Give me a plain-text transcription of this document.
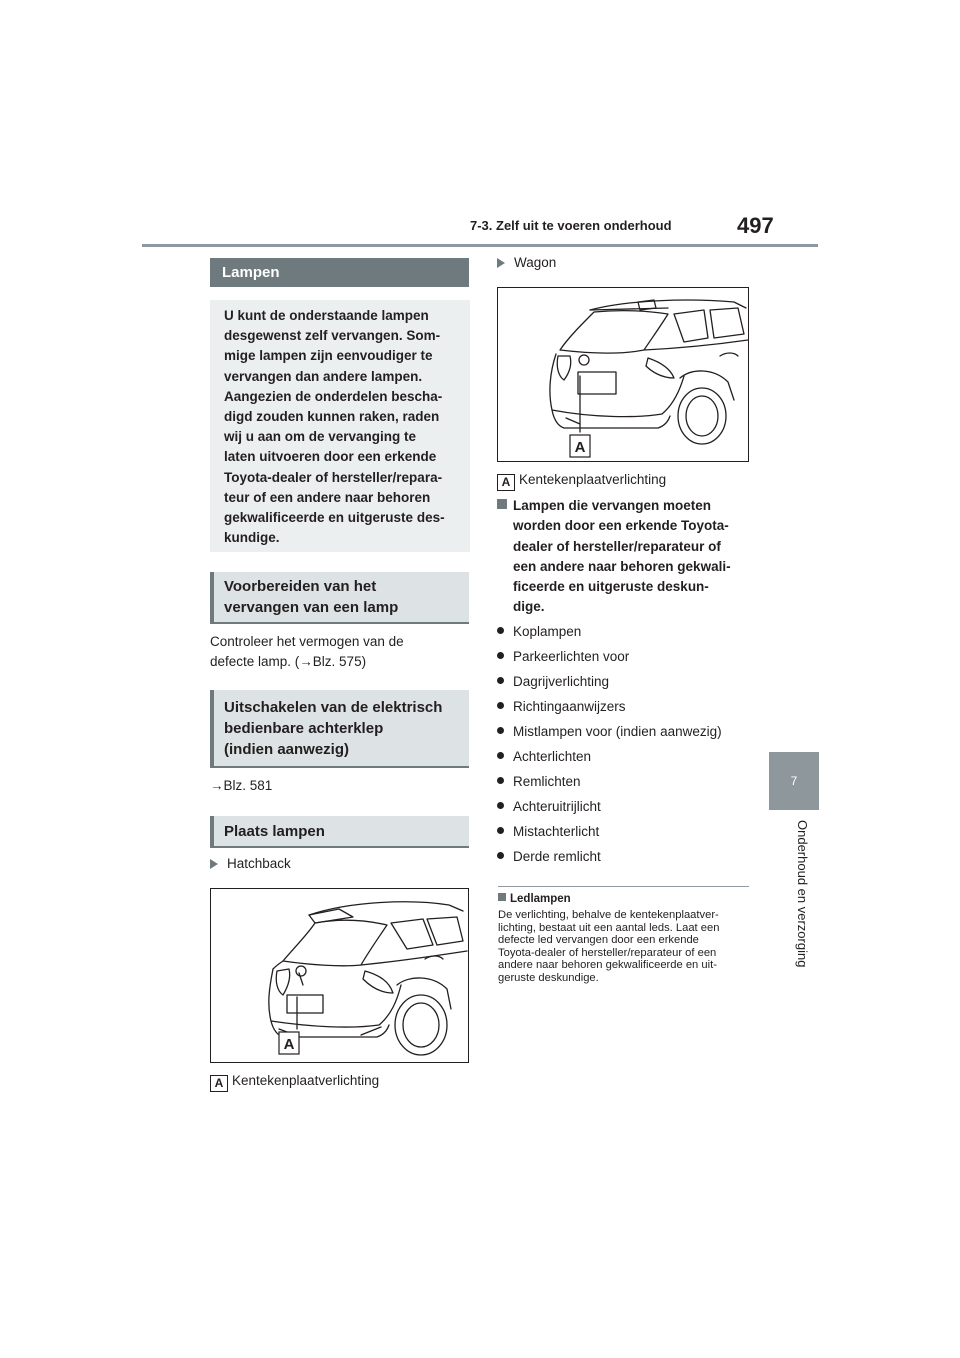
7-3. Zelf uit te voeren onderhoud	497
7
Onderhoud en verzorging
Lampen

U kunt de onderstaande lampen

desgewenst zelf vervangen. Som-

mige lampen zijn eenvoudiger te

vervangen dan andere lampen.

Aangezien de onderdelen bescha-

digd zouden kunnen raken, raden

wij u aan om de vervanging te

laten uitvoeren door een erkende

Toyota-dealer of hersteller/repara-

teur of een andere naar behoren

gekwalificeerde en uitgeruste des-

kundige.

Voorbereiden van het
vervangen van een lamp
Controleer het vermogen van de
defecte lamp. (→Blz. 575)
Uitschakelen van de elektrisch
bedienbare achterklep
(indien aanwezig)
→Blz. 581
Plaats lampen
Hatchback
A
A Kentekenplaatverlichting
Wagon
A
A Kentekenplaatverlichting
Lampen die vervangen moeten
worden door een erkende Toyota-
dealer of hersteller/reparateur of
een andere naar behoren gekwali-
ficeerde en uitgeruste deskun-
dige.
Koplampen
Parkeerlichten voor
Dagrijverlichting
Richtingaanwijzers
Mistlampen voor (indien aanwezig)
Achterlichten
Remlichten
Achteruitrijlicht
Mistachterlicht
Derde remlicht
Ledlampen
De verlichting, behalve de kentekenplaatver-
lichting, bestaat uit een aantal leds. Laat een
defecte led vervangen door een erkende
Toyota-dealer of hersteller/reparateur of een
andere naar behoren gekwalificeerde en uit-
geruste deskundige.
